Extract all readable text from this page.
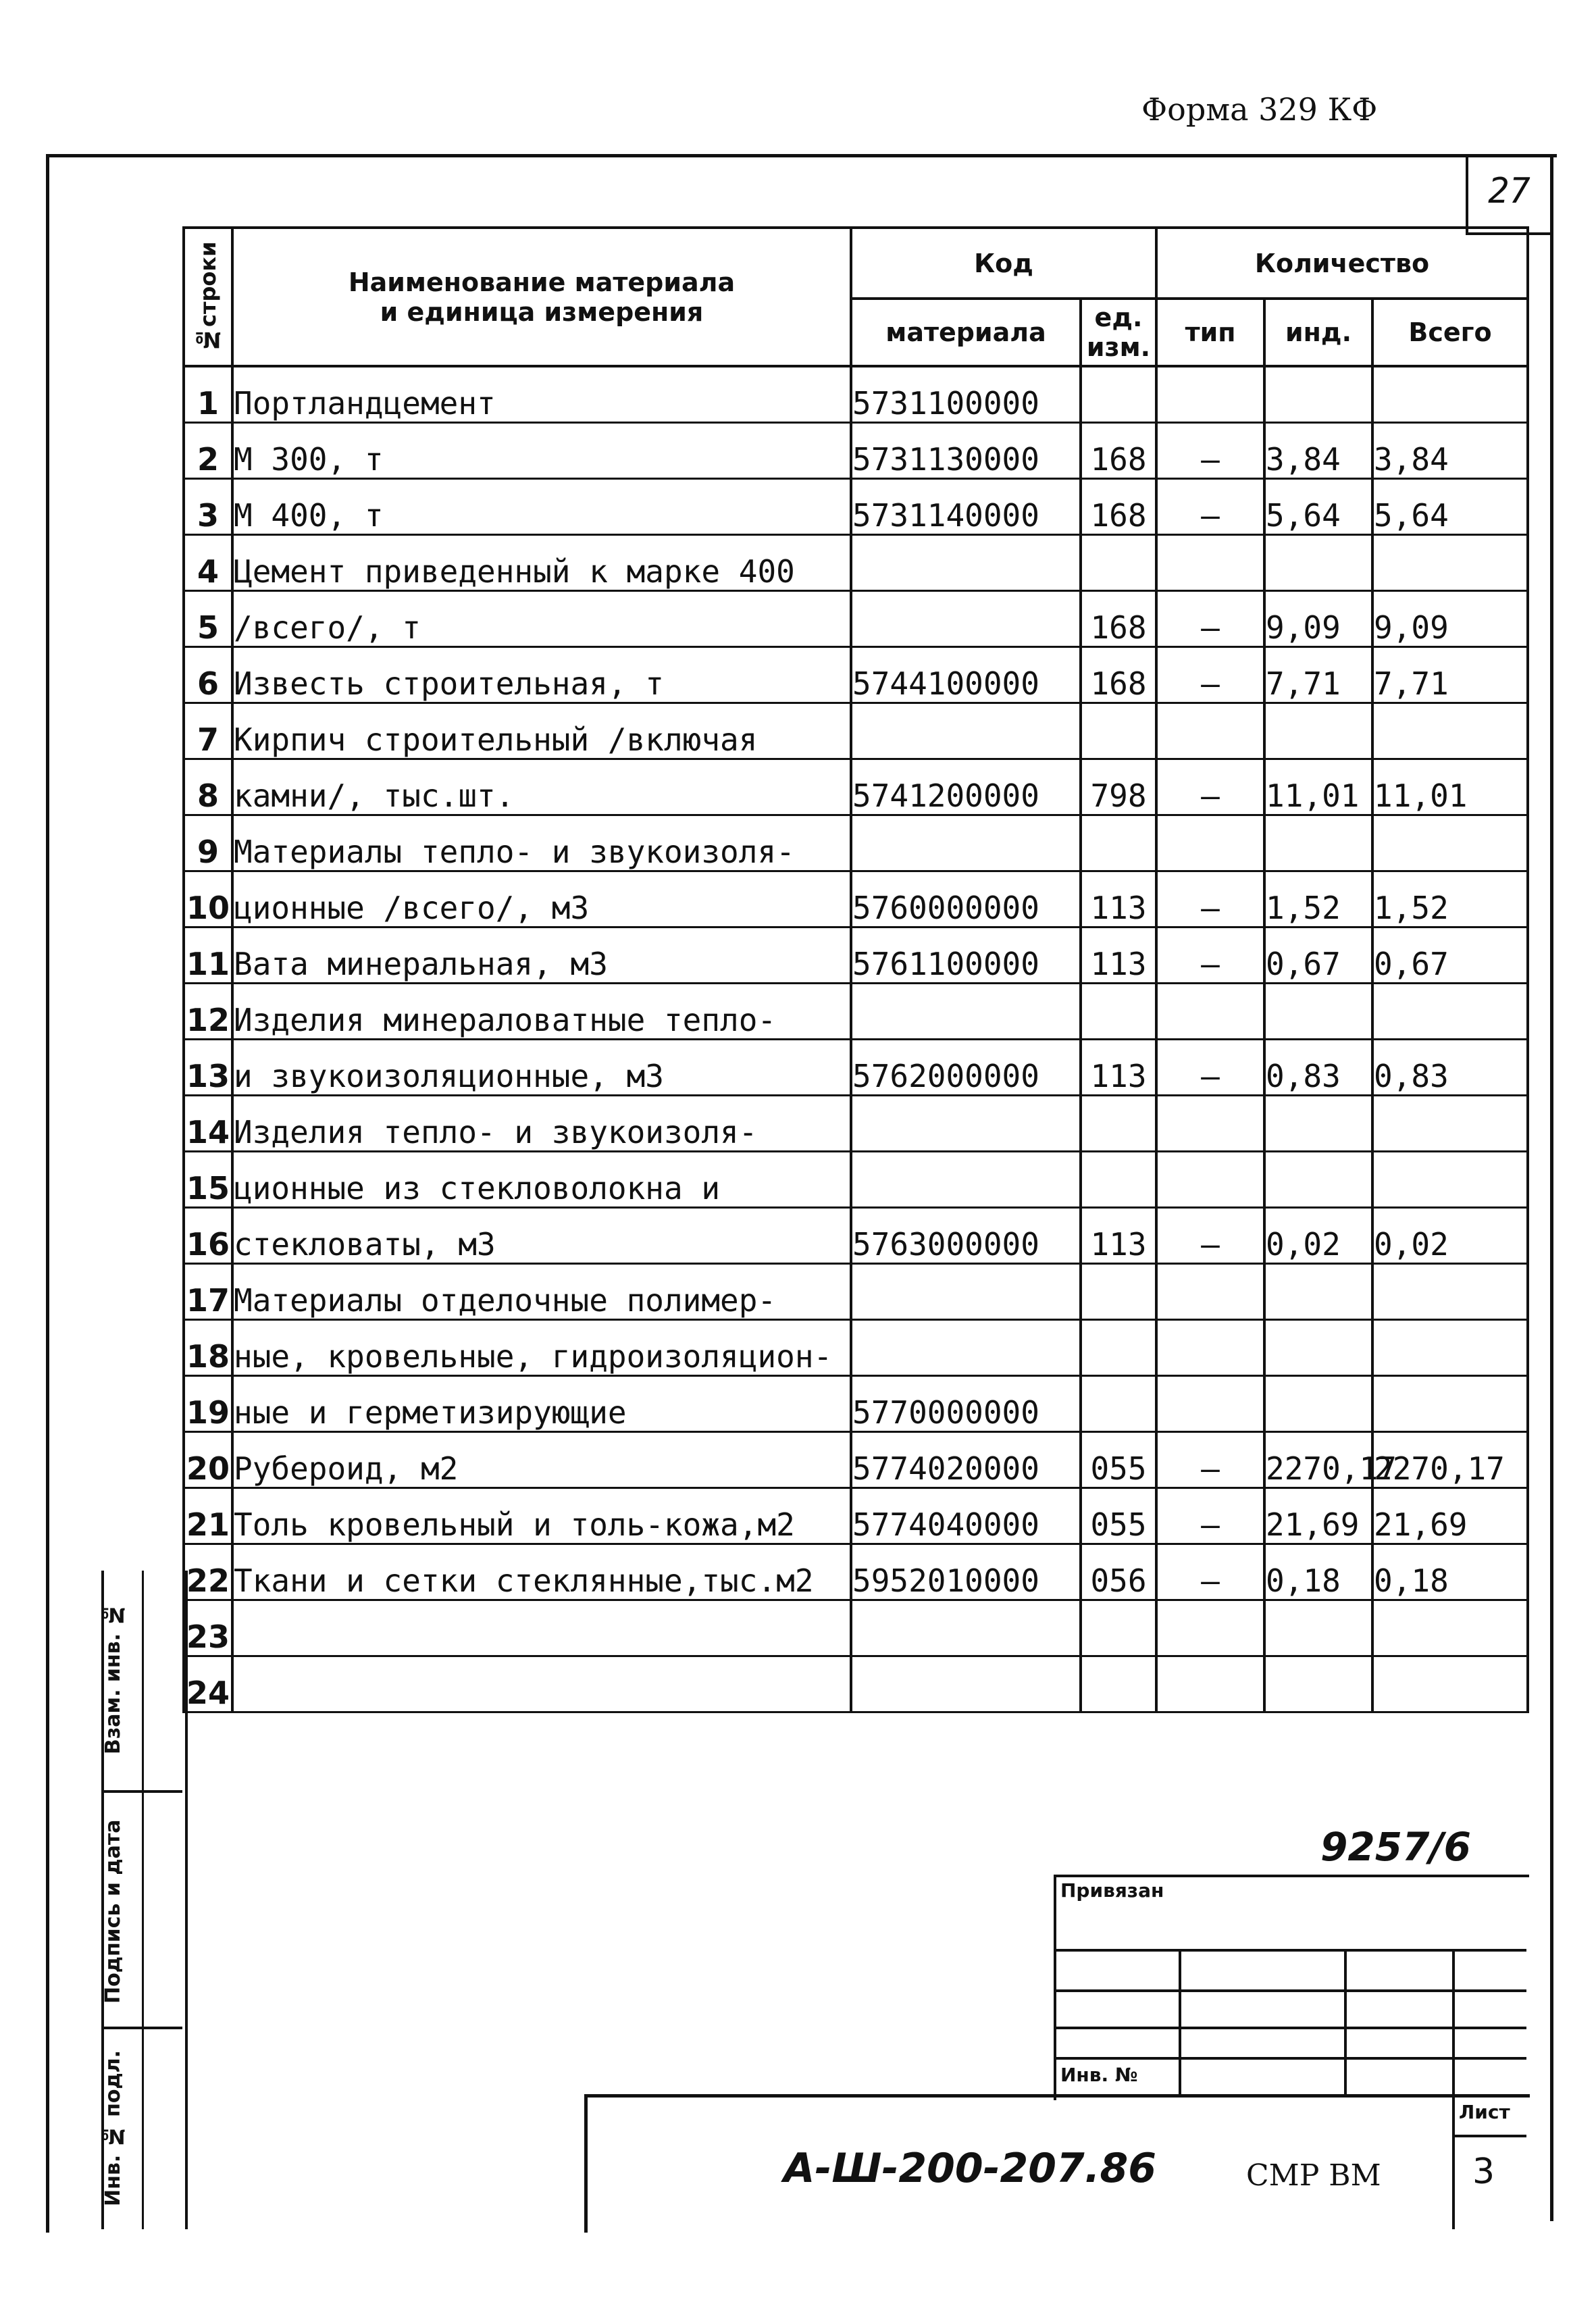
Форма 329 КФ
27
№строки	Наименование материала
и единица измерения	Код		Количество		
		материала	ед. изм.	тип	инд.	Всего
1	Портландцемент	5731100000				
2	М 300, т	5731130000	168	–	3,84	3,84
3	М 400, т	5731140000	168	–	5,64	5,64
4	Цемент приведенный к марке 400					
5	/всего/, т		168	–	9,09	9,09
6	Известь строительная, т	5744100000	168	–	7,71	7,71
7	Кирпич строительный /включая					
8	камни/, тыс.шт.	5741200000	798	–	11,01	11,01
9	Материалы тепло- и звукоизоля-					
10	ционные /всего/, м3	5760000000	113	–	1,52	1,52
11	Вата минеральная, м3	5761100000	113	–	0,67	0,67
12	Изделия минераловатные тепло-					
13	и звукоизоляционные, м3	5762000000	113	–	0,83	0,83
14	Изделия тепло- и звукоизоля-					
15	ционные из стекловолокна и					
16	стекловаты, м3	5763000000	113	–	0,02	0,02
17	Материалы отделочные полимер-					
18	ные, кровельные, гидроизоляцион-					
19	ные и герметизирующие	5770000000				
20	Рубероид, м2	5774020000	055	–	2270,17	2270,17
21	Толь кровельный и толь-кожа,м2	5774040000	055	–	21,69	21,69
22	Ткани и сетки стеклянные,тыс.м2	5952010000	056	–	0,18	0,18
23						
24						
Взам. инв. №
Подпись и дата
Инв. № подл.
9257/6
Привязан
Инв. №
А-Ш-200-207.86	СМР ВМ
Лист
3
